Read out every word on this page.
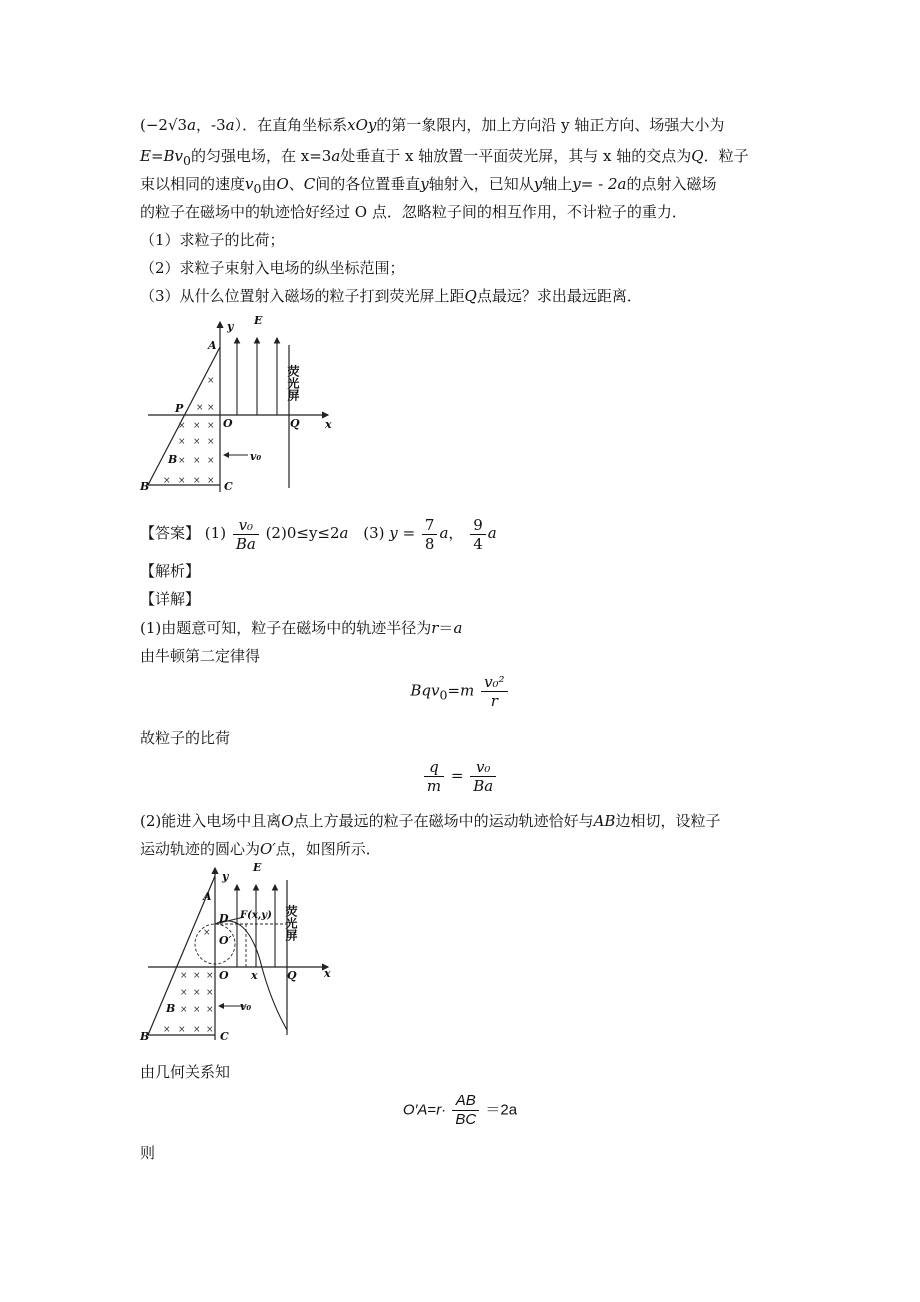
(−2√3a，-3a）．在直角坐标系xOy的第一象限内，加上方向沿 y 轴正方向、场强大小为
$E=Bv_0$的匀强电场，在 x=3a处垂直于 x 轴放置一平面荧光屏，其与 x 轴的交点为Q．粒子
束以相同的速度$v_0$由O、C间的各位置垂直y轴射入，已知从y轴上y= - 2a的点射入磁场
的粒子在磁场中的轨迹恰好经过 O 点．忽略粒子间的相互作用，不计粒子的重力．
（1）求粒子的比荷；
（2）求粒子束射入电场的纵坐标范围；
（3）从什么位置射入磁场的粒子打到荧光屏上距Q点最远？求出最远距离．
×
× ×
× × ×
× × ×
× × ×
× × × ×
y E
A
P
O	Q x
B
B	C
v₀
荧光屏
【答案】 $(1) \frac{\text{v₀}}{Ba} (2)0\le y\le 2a$ (3) $y = \frac{7}{8}$ a， $\frac{9}{4}$ a
【解析】
【详解】
(1)由题意可知，粒子在磁场中的轨迹半径为r＝a
由牛顿第二定律得
$Bqv_0=m \frac{\text{v₀²}}{r}$
故粒子的比荷
$\frac{q}{m} = \frac{\text{v₀}}{Ba}$
(2)能进入电场中且离O点上方最远的粒子在磁场中的运动轨迹恰好与AB边相切，设粒子
运动轨迹的圆心为O′点，如图所示．
×
× × ×
× × ×
× × ×
× × × ×
E
y
A
D F(x,y)
O′
O x	Q x
B
B	C
v₀
荧光屏
由几何关系知
$O'A=r\cdot \frac{AB}{BC} =2a$
则
